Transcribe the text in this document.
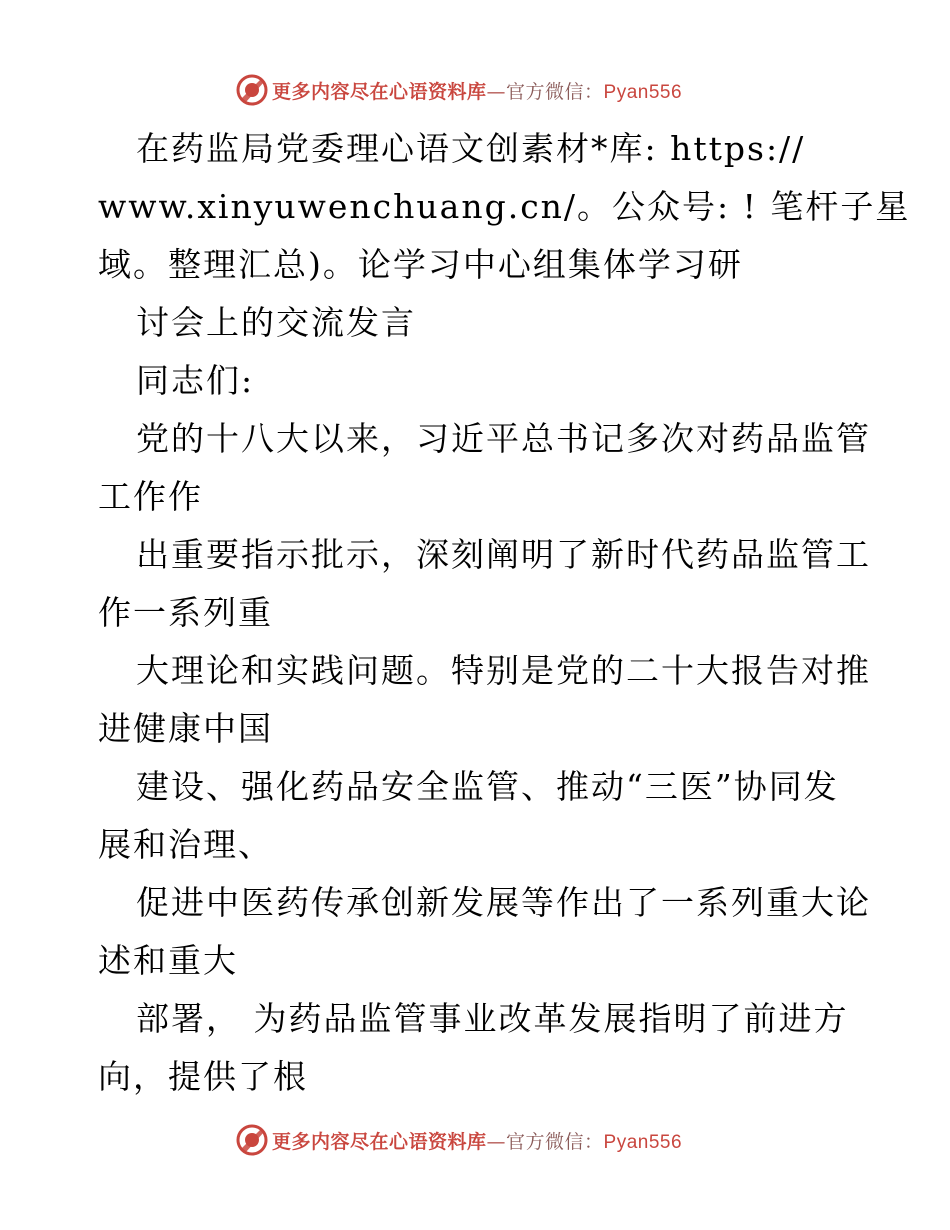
更多内容尽在心语资料库—官方微信：Pyan556
在药监局党委理心语文创素材*库: https://
www.xinyuwenchuang.cn/。公众号: ! 笔杆子星
域。整理汇总)。论学习中心组集体学习研
讨会上的交流发言
同志们:
党的十八大以来，习近平总书记多次对药品监管
工作作
出重要指示批示，深刻阐明了新时代药品监管工
作一系列重
大理论和实践问题。特别是党的二十大报告对推
进健康中国
建设、强化药品安全监管、推动“三医”协同发
展和治理、
促进中医药传承创新发展等作出了一系列重大论
述和重大
部署， 为药品监管事业改革发展指明了前进方
向，提供了根
更多内容尽在心语资料库—官方微信：Pyan556
